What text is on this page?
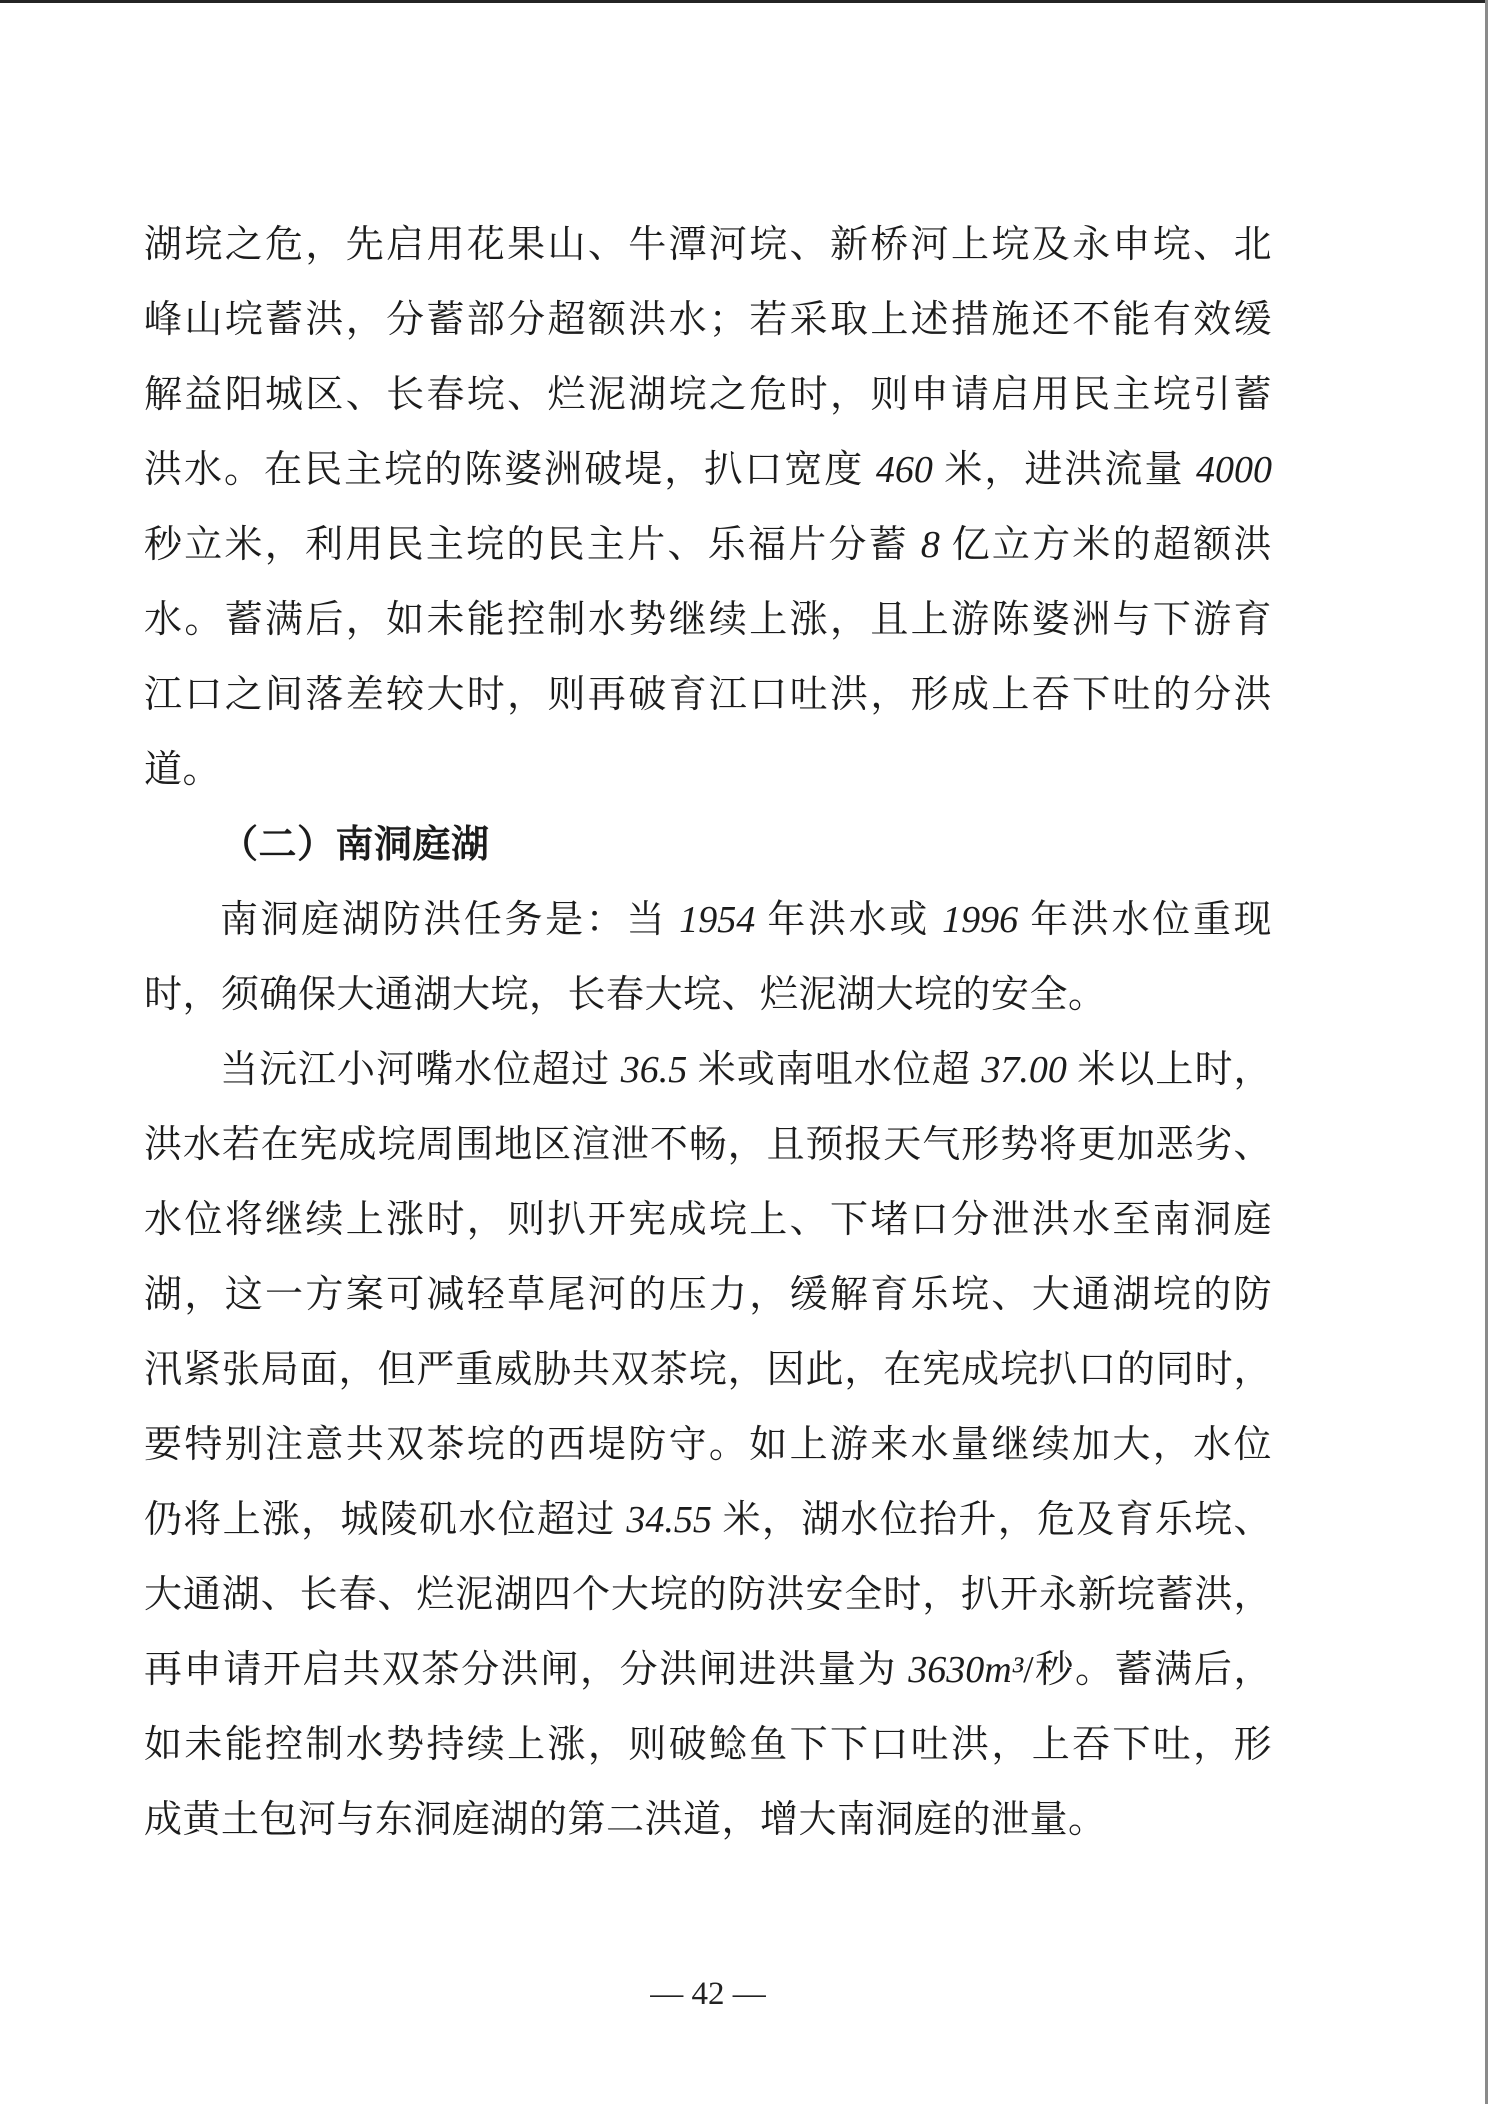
湖垸之危，先启用花果山、牛潭河垸、新桥河上垸及永申垸、北
峰山垸蓄洪，分蓄部分超额洪水；若采取上述措施还不能有效缓
解益阳城区、长春垸、烂泥湖垸之危时，则申请启用民主垸引蓄
洪水。在民主垸的陈婆洲破堤，扒口宽度 460 米，进洪流量 4000
秒立米，利用民主垸的民主片、乐福片分蓄 8 亿立方米的超额洪
水。蓄满后，如未能控制水势继续上涨，且上游陈婆洲与下游育
江口之间落差较大时，则再破育江口吐洪，形成上吞下吐的分洪
道。
（二）南洞庭湖
南洞庭湖防洪任务是：当 1954 年洪水或 1996 年洪水位重现
时，须确保大通湖大垸，长春大垸、烂泥湖大垸的安全。
当沅江小河嘴水位超过 36.5 米或南咀水位超 37.00 米以上时，
洪水若在宪成垸周围地区渲泄不畅，且预报天气形势将更加恶劣、
水位将继续上涨时，则扒开宪成垸上、下堵口分泄洪水至南洞庭
湖，这一方案可减轻草尾河的压力，缓解育乐垸、大通湖垸的防
汛紧张局面，但严重威胁共双茶垸，因此，在宪成垸扒口的同时，
要特别注意共双茶垸的西堤防守。如上游来水量继续加大，水位
仍将上涨，城陵矶水位超过 34.55 米，湖水位抬升，危及育乐垸、
大通湖、长春、烂泥湖四个大垸的防洪安全时，扒开永新垸蓄洪，
再申请开启共双茶分洪闸，分洪闸进洪量为 3630m³/秒。蓄满后，
如未能控制水势持续上涨，则破鲶鱼下下口吐洪，上吞下吐，形
成黄土包河与东洞庭湖的第二洪道，增大南洞庭的泄量。
— 42 —
